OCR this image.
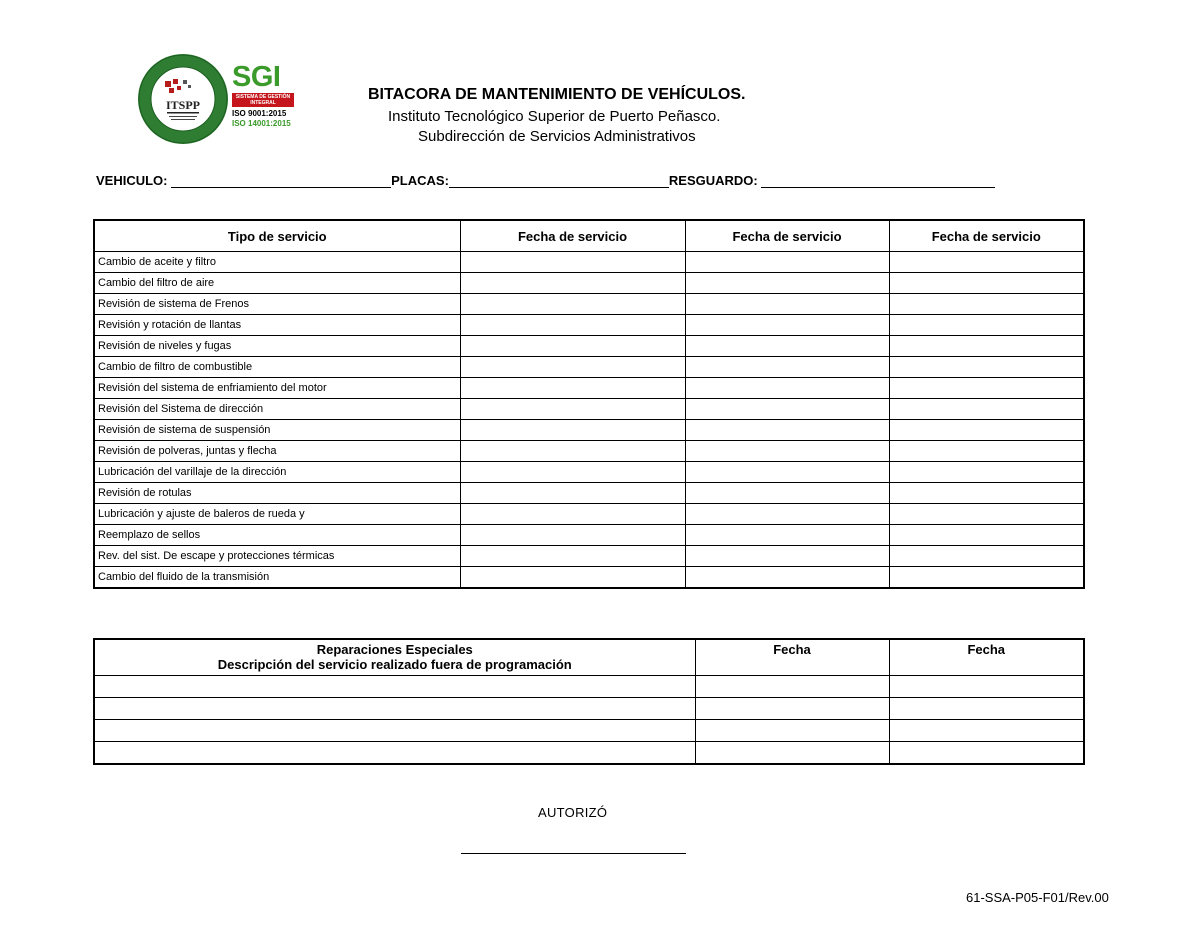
ITSPP
SGI
SISTEMA DE GESTIÓN INTEGRAL
ISO 9001:2015
ISO 14001:2015
BITACORA DE MANTENIMIENTO DE VEHÍCULOS.
Instituto Tecnológico Superior de Puerto Peñasco.
Subdirección de Servicios Administrativos
VEHICULO:	PLACAS:	RESGUARDO:
Tipo de servicio	Fecha de servicio	Fecha de servicio	Fecha de servicio
Cambio de aceite y filtro			
Cambio del filtro de aire			
Revisión de sistema de Frenos			
Revisión y rotación de llantas			
Revisión de niveles y fugas			
Cambio de filtro de combustible			
Revisión del sistema de enfriamiento del motor			
Revisión del Sistema de dirección			
Revisión de sistema de suspensión			
Revisión de polveras, juntas y flecha			
Lubricación del varillaje de la dirección			
Revisión de rotulas			
Lubricación y ajuste de baleros de rueda y			
Reemplazo de sellos			
Rev. del sist. De escape y protecciones térmicas			
Cambio del fluido de la transmisión			
Reparaciones Especiales
Descripción del servicio realizado fuera de programación	Fecha	Fecha

AUTORIZÓ
61-SSA-P05-F01/Rev.00
